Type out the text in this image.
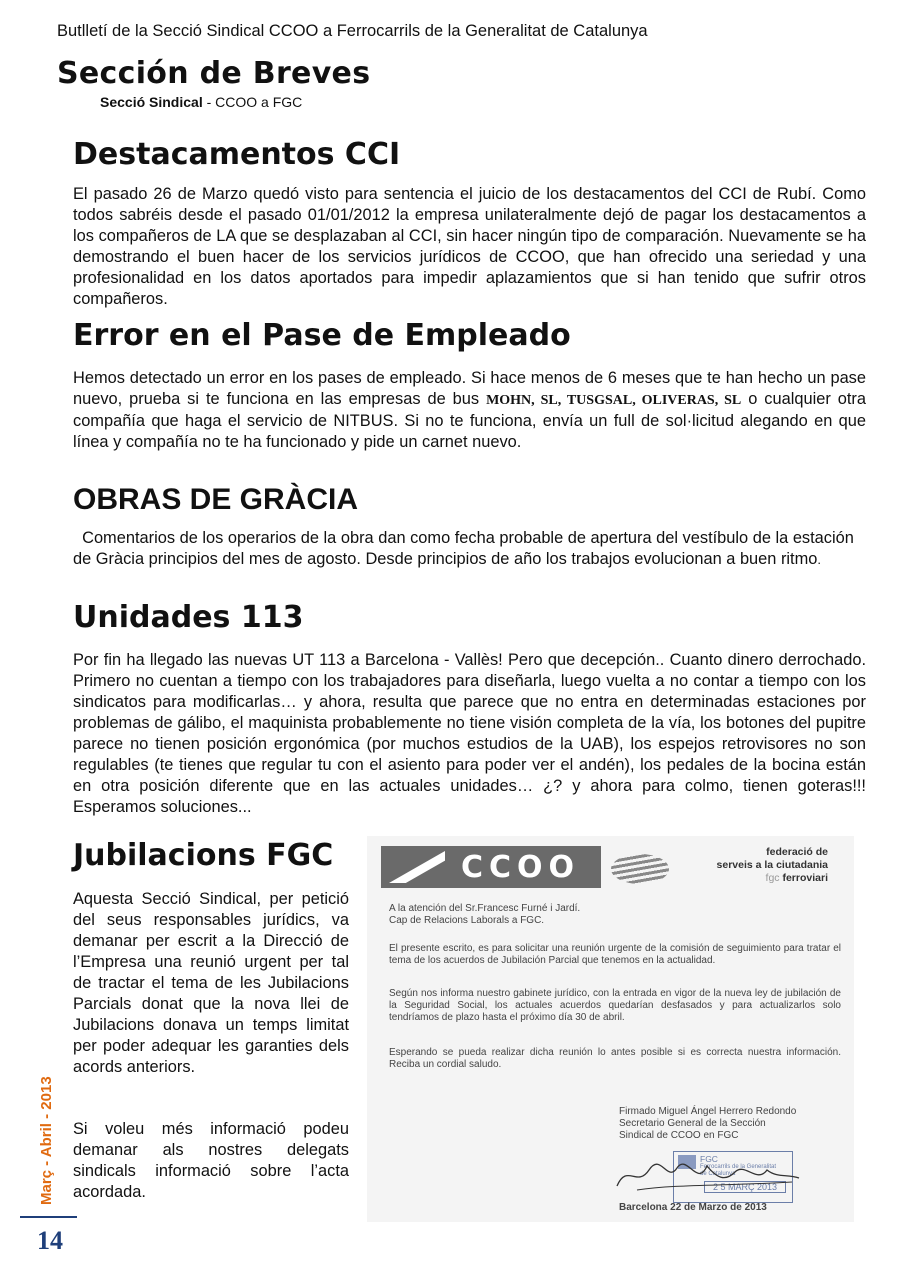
Butlletí de la Secció Sindical CCOO a Ferrocarrils de la Generalitat de Catalunya
Sección de Breves
Secció Sindical - CCOO a FGC
Destacamentos CCI

El pasado 26 de Marzo quedó visto para sentencia el juicio de los destacamentos del CCI de Rubí. Como todos sabréis desde el pasado 01/01/2012 la empresa unilateralmente dejó de pagar los destacamentos a los compañeros de LA que se desplazaban al CCI, sin hacer ningún tipo de comparación. Nuevamente se ha demostrando el buen hacer de los servicios jurídicos de CCOO, que han ofrecido una seriedad y una profesionalidad en los datos aportados para impedir aplazamientos que si han tenido que sufrir otros compañeros.

Error en el Pase de Empleado

Hemos detectado un error en los pases de empleado. Si hace menos de 6 meses que te han hecho un pase nuevo, prueba si te funciona en las empresas de bus MOHN, SL, TUSGSAL, OLIVERAS, SL o cualquier otra compañía que haga el servicio de NITBUS. Si no te funciona, envía un full de sol·licitud alegando en que línea y compañía no te ha funcionado y pide un carnet nuevo.

OBRAS DE GRÀCIA

Comentarios de los operarios de la obra dan como fecha probable de apertura del vestíbulo de la estación de Gràcia principios del mes de agosto. Desde principios de año los trabajos evolucionan a buen ritmo.

Unidades 113

Por fin ha llegado las nuevas UT 113 a Barcelona - Vallès! Pero que decepción.. Cuanto dinero derrochado. Primero no cuentan a tiempo con los trabajadores para diseñarla, luego vuelta a no contar a tiempo con los sindicatos para modificarlas… y ahora, resulta que parece que no entra en determinadas estaciones por problemas de gálibo, el maquinista probablemente no tiene visión completa de la vía, los botones del pupitre parece no tienen posición ergonómica (por muchos estudios de la UAB), los espejos retrovisores no son regulables (te tienes que regular tu con el asiento para poder ver el andén), los pedales de la bocina están en otra posición diferente que en las actuales unidades… ¿? y ahora para colmo, tienen goteras!!! Esperamos soluciones...

Jubilacions FGC

Aquesta Secció Sindical, per petició del seus responsables jurídics, va demanar per escrit a la Direcció de l’Empresa una reunió urgent per tal de tractar el tema de les Jubilacions Parcials donat que la nova llei de Jubilacions donava un temps limitat per poder adequar les garanties dels acords anteriors.

Si voleu més informació podeu demanar als nostres delegats sindicals informació sobre l’acta acordada.

CCOO	federació de
serveis a la ciutadania
fgc ferroviari
A la atención del Sr.Francesc Furné i Jardí.
Cap de Relacions Laborals a FGC.
El presente escrito, es para solicitar una reunión urgente de la comisión de seguimiento para tratar el tema de los acuerdos de Jubilación Parcial que tenemos en la actualidad.
Según nos informa nuestro gabinete jurídico, con la entrada en vigor de la nueva ley de jubilación de la Seguridad Social, los actuales acuerdos quedarían desfasados y para actualizarlos solo tendríamos de plazo hasta el próximo día 30 de abril.
Esperando se pueda realizar dicha reunión lo antes posible si es correcta nuestra información. Reciba un cordial saludo.
Firmado Miguel Ángel Herrero Redondo
Secretario General de la Sección
Sindical de CCOO en FGC
FGC
Ferrocarrils de la Generalitat de Catalunya
2 5 MARÇ 2013
Barcelona 22 de Marzo de 2013
Març - Abril - 2013
14
